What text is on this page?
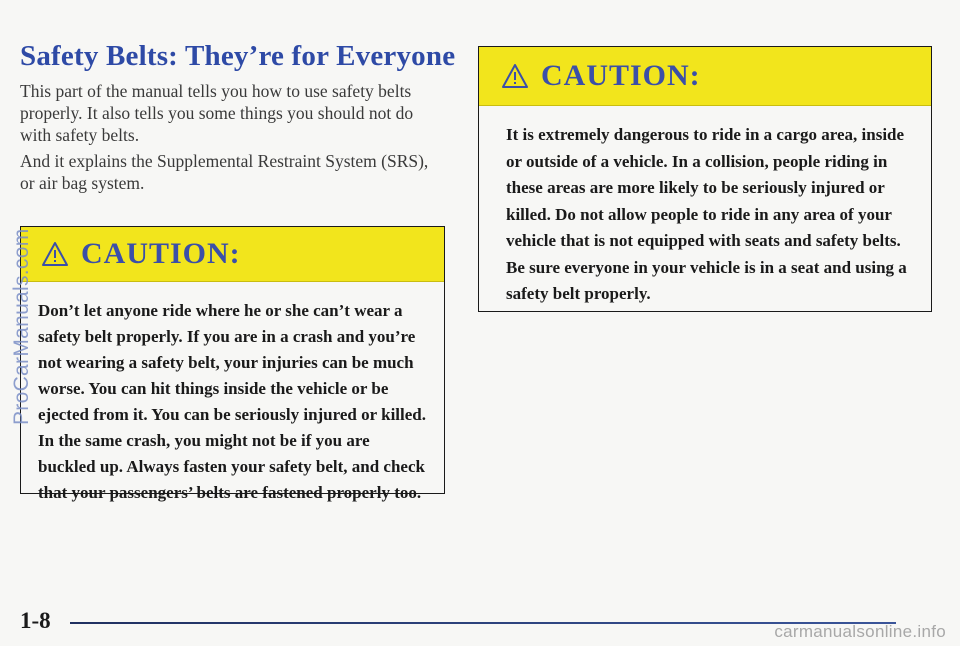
Safety Belts: They’re for Everyone

This part of the manual tells you how to use safety belts properly. It also tells you some things you should not do with safety belts.

And it explains the Supplemental Restraint System (SRS), or air bag system.

CAUTION:

Don’t let anyone ride where he or she can’t wear a safety belt properly. If you are in a crash and you’re not wearing a safety belt, your injuries can be much worse. You can hit things inside the vehicle or be ejected from it. You can be seriously injured or killed. In the same crash, you might not be if you are buckled up. Always fasten your safety belt, and check that your passengers’ belts are fastened properly too.

CAUTION:

It is extremely dangerous to ride in a cargo area, inside or outside of a vehicle. In a collision, people riding in these areas are more likely to be seriously injured or killed. Do not allow people to ride in any area of your vehicle that is not equipped with seats and safety belts. Be sure everyone in your vehicle is in a seat and using a safety belt properly.

ProCarManuals.com
1-8	carmanualsonline.info
